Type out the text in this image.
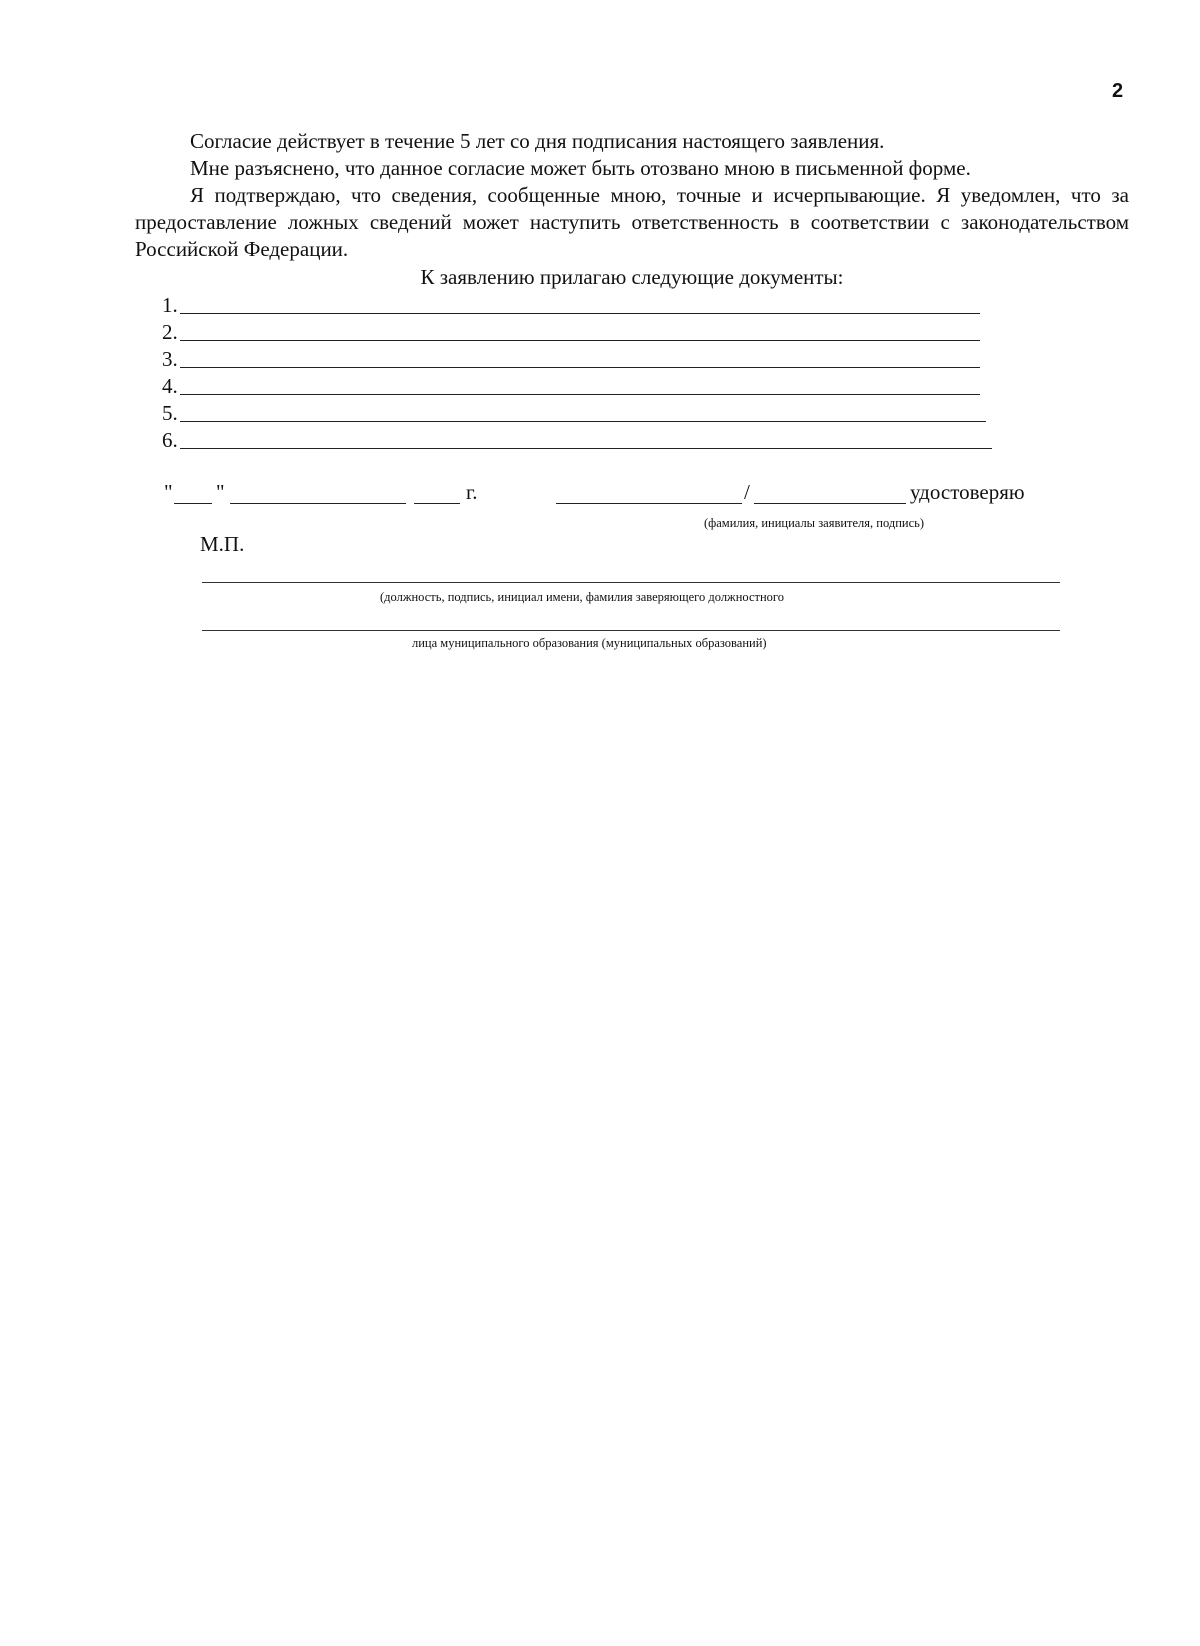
2

Согласие действует в течение 5 лет со дня подписания настоящего заявления.

Мне разъяснено, что данное согласие может быть отозвано мною в письменной форме.

Я подтверждаю, что сведения, сообщенные мною, точные и исчерпывающие. Я уведомлен, что за предоставление ложных сведений может наступить ответственность в соответствии с законодательством Российской Федерации.

К заявлению прилагаю следующие документы:
1.
2.
3.
4.
5.
6.
" "	г.	/	удостоверяю
(фамилия, инициалы заявителя, подпись)
М.П.
(должность, подпись, инициал имени, фамилия заверяющего должностного
лица муниципального образования (муниципальных образований)
